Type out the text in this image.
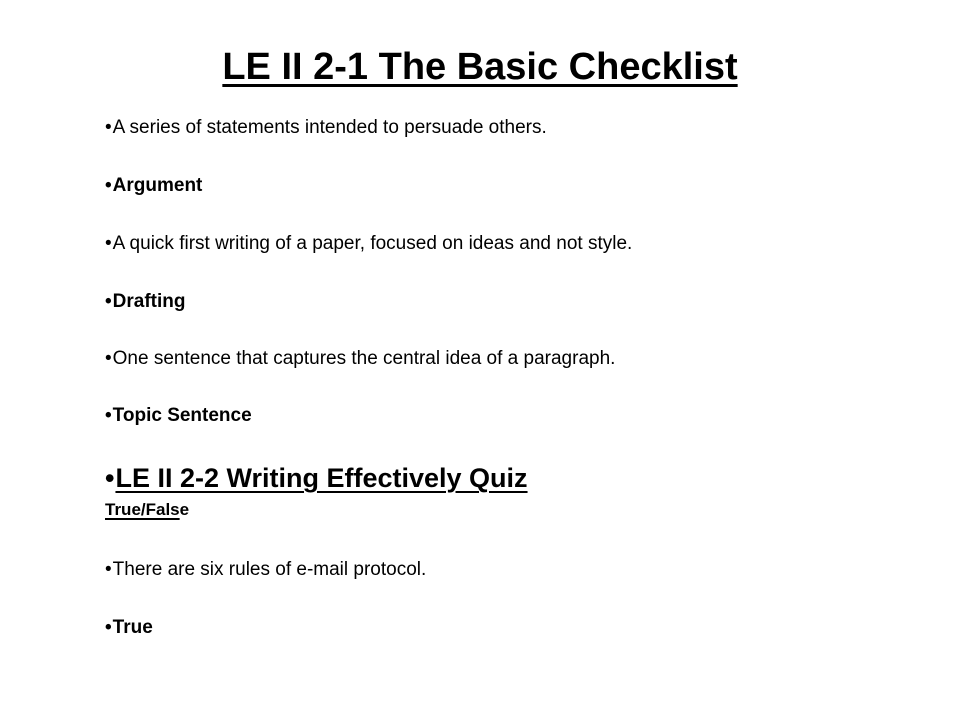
LE II 2-1 The Basic Checklist
•A series of statements intended to persuade others.
•Argument
•A quick first writing of a paper, focused on ideas and not style.
•Drafting
•One sentence that captures the central idea of a paragraph.
•Topic Sentence
•LE II 2-2 Writing Effectively Quiz
True/False
•There are six rules of e-mail protocol.
•True
